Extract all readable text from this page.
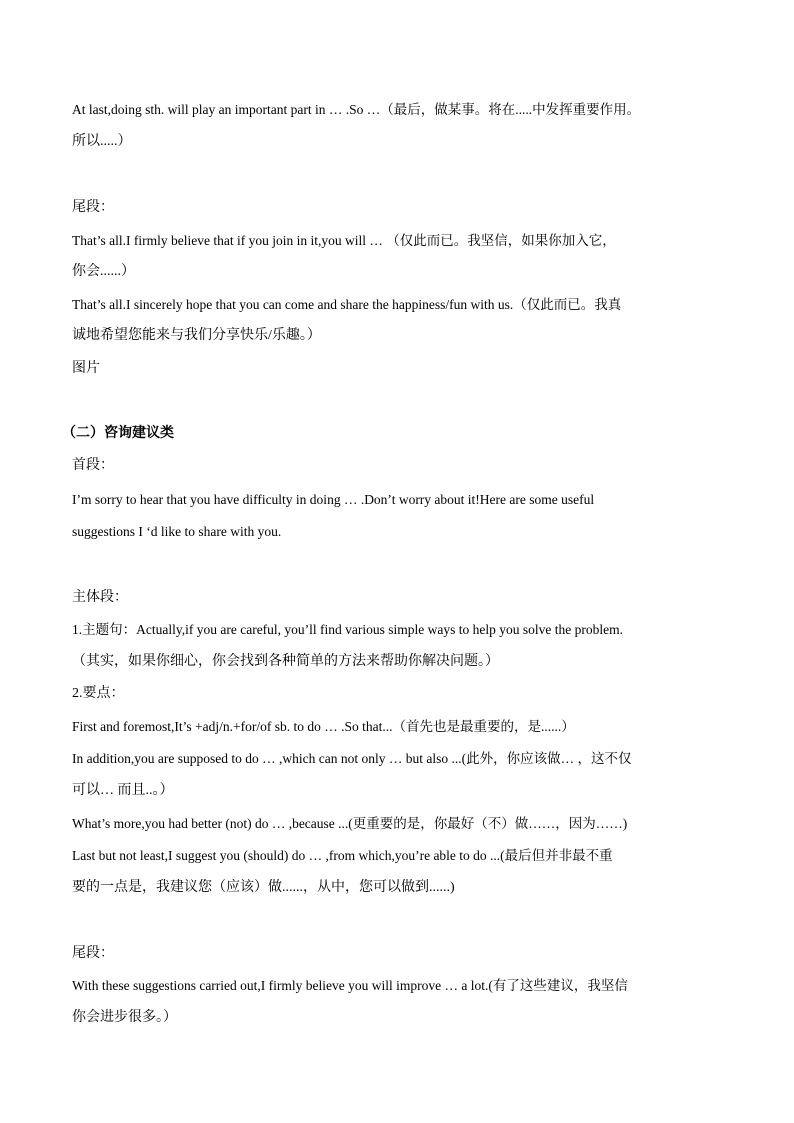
At last,doing sth. will play an important part in … .So …（最后，做某事。将在.....中发挥重要作用。
所以.....）
尾段：
That’s all.I firmly believe that if you join in it,you will … （仅此而已。我坚信，如果你加入它，
你会......）
That’s all.I sincerely hope that you can come and share the happiness/fun with us.（仅此而已。我真
诚地希望您能来与我们分享快乐/乐趣。）
图片
（二）咨询建议类
首段：
I’m sorry to hear that you have difficulty in doing … .Don’t worry about it!Here are some useful
suggestions I ‘d like to share with you.
主体段：
1.主题句：Actually,if you are careful, you’ll find various simple ways to help you solve the problem.
（其实，如果你细心，你会找到各种简单的方法来帮助你解决问题。）
2.要点：
First and foremost,It’s +adj/n.+for/of sb. to do … .So that...（首先也是最重要的，是......）
In addition,you are supposed to do … ,which can not only … but also ...(此外，你应该做… ，这不仅
可以… 而且..。）
What’s more,you had better (not) do … ,because ...(更重要的是，你最好（不）做……，因为……)
Last but not least,I suggest you (should) do … ,from which,you’re able to do ...(最后但并非最不重
要的一点是，我建议您（应该）做......，从中，您可以做到......)
尾段：
With these suggestions carried out,I firmly believe you will improve … a lot.(有了这些建议，我坚信
你会进步很多。）
